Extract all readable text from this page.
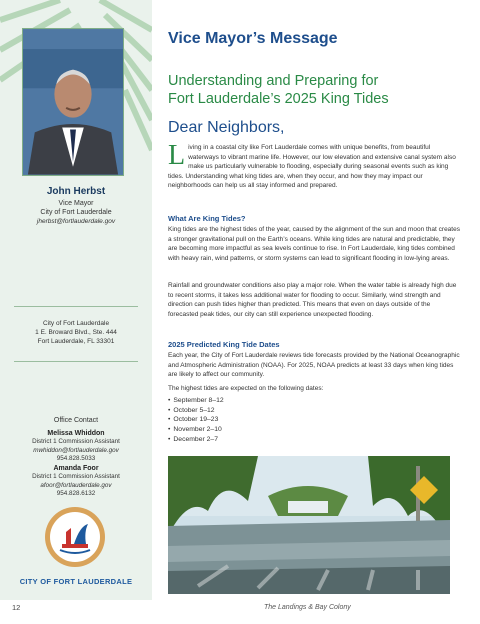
John Herbst
Vice Mayor
City of Fort Lauderdale
jherbst@fortlauderdale.gov
City of Fort Lauderdale
1 E. Broward Blvd., Ste. 444
Fort Lauderdale, FL 33301
Office Contact
Melissa Whiddon
District 1 Commission Assistant
mwhiddon@fortlauderdale.gov
954.828.5033
Amanda Foor
District 1 Commission Assistant
afoor@fortlauderdale.gov
954.828.6132
CITY OF FORT LAUDERDALE
Vice Mayor’s Message
Understanding and Preparing for
Fort Lauderdale’s 2025 King Tides
Dear Neighbors,
Living in a coastal city like Fort Lauderdale comes with unique benefits, from beautiful waterways to vibrant marine life. However, our low elevation and extensive canal system also make us particularly vulnerable to flooding, especially during seasonal events such as king tides. Understanding what king tides are, when they occur, and how they may impact our neighborhoods can help us all stay informed and prepared.
What Are King Tides?
King tides are the highest tides of the year, caused by the alignment of the sun and moon that creates a stronger gravitational pull on the Earth’s oceans. While king tides are natural and predictable, they are becoming more impactful as sea levels continue to rise. In Fort Lauderdale, king tides combined with heavy rain, wind patterns, or storm systems can lead to significant flooding in low-lying areas.
Rainfall and groundwater conditions also play a major role. When the water table is already high due to recent storms, it takes less additional water for flooding to occur. Similarly, wind strength and direction can push tides higher than predicted. This means that even on days outside of the forecasted peak tides, our city can still experience unexpected flooding.
2025 Predicted King Tide Dates
Each year, the City of Fort Lauderdale reviews tide forecasts provided by the National Oceanographic and Atmospheric Administration (NOAA). For 2025, NOAA predicts at least 33 days when king tides are likely to affect our community.
The highest tides are expected on the following dates:
• September 8–12
• October 5–12
• October 19–23
• November 2–10
• December 2–7
12	The Landings & Bay Colony
